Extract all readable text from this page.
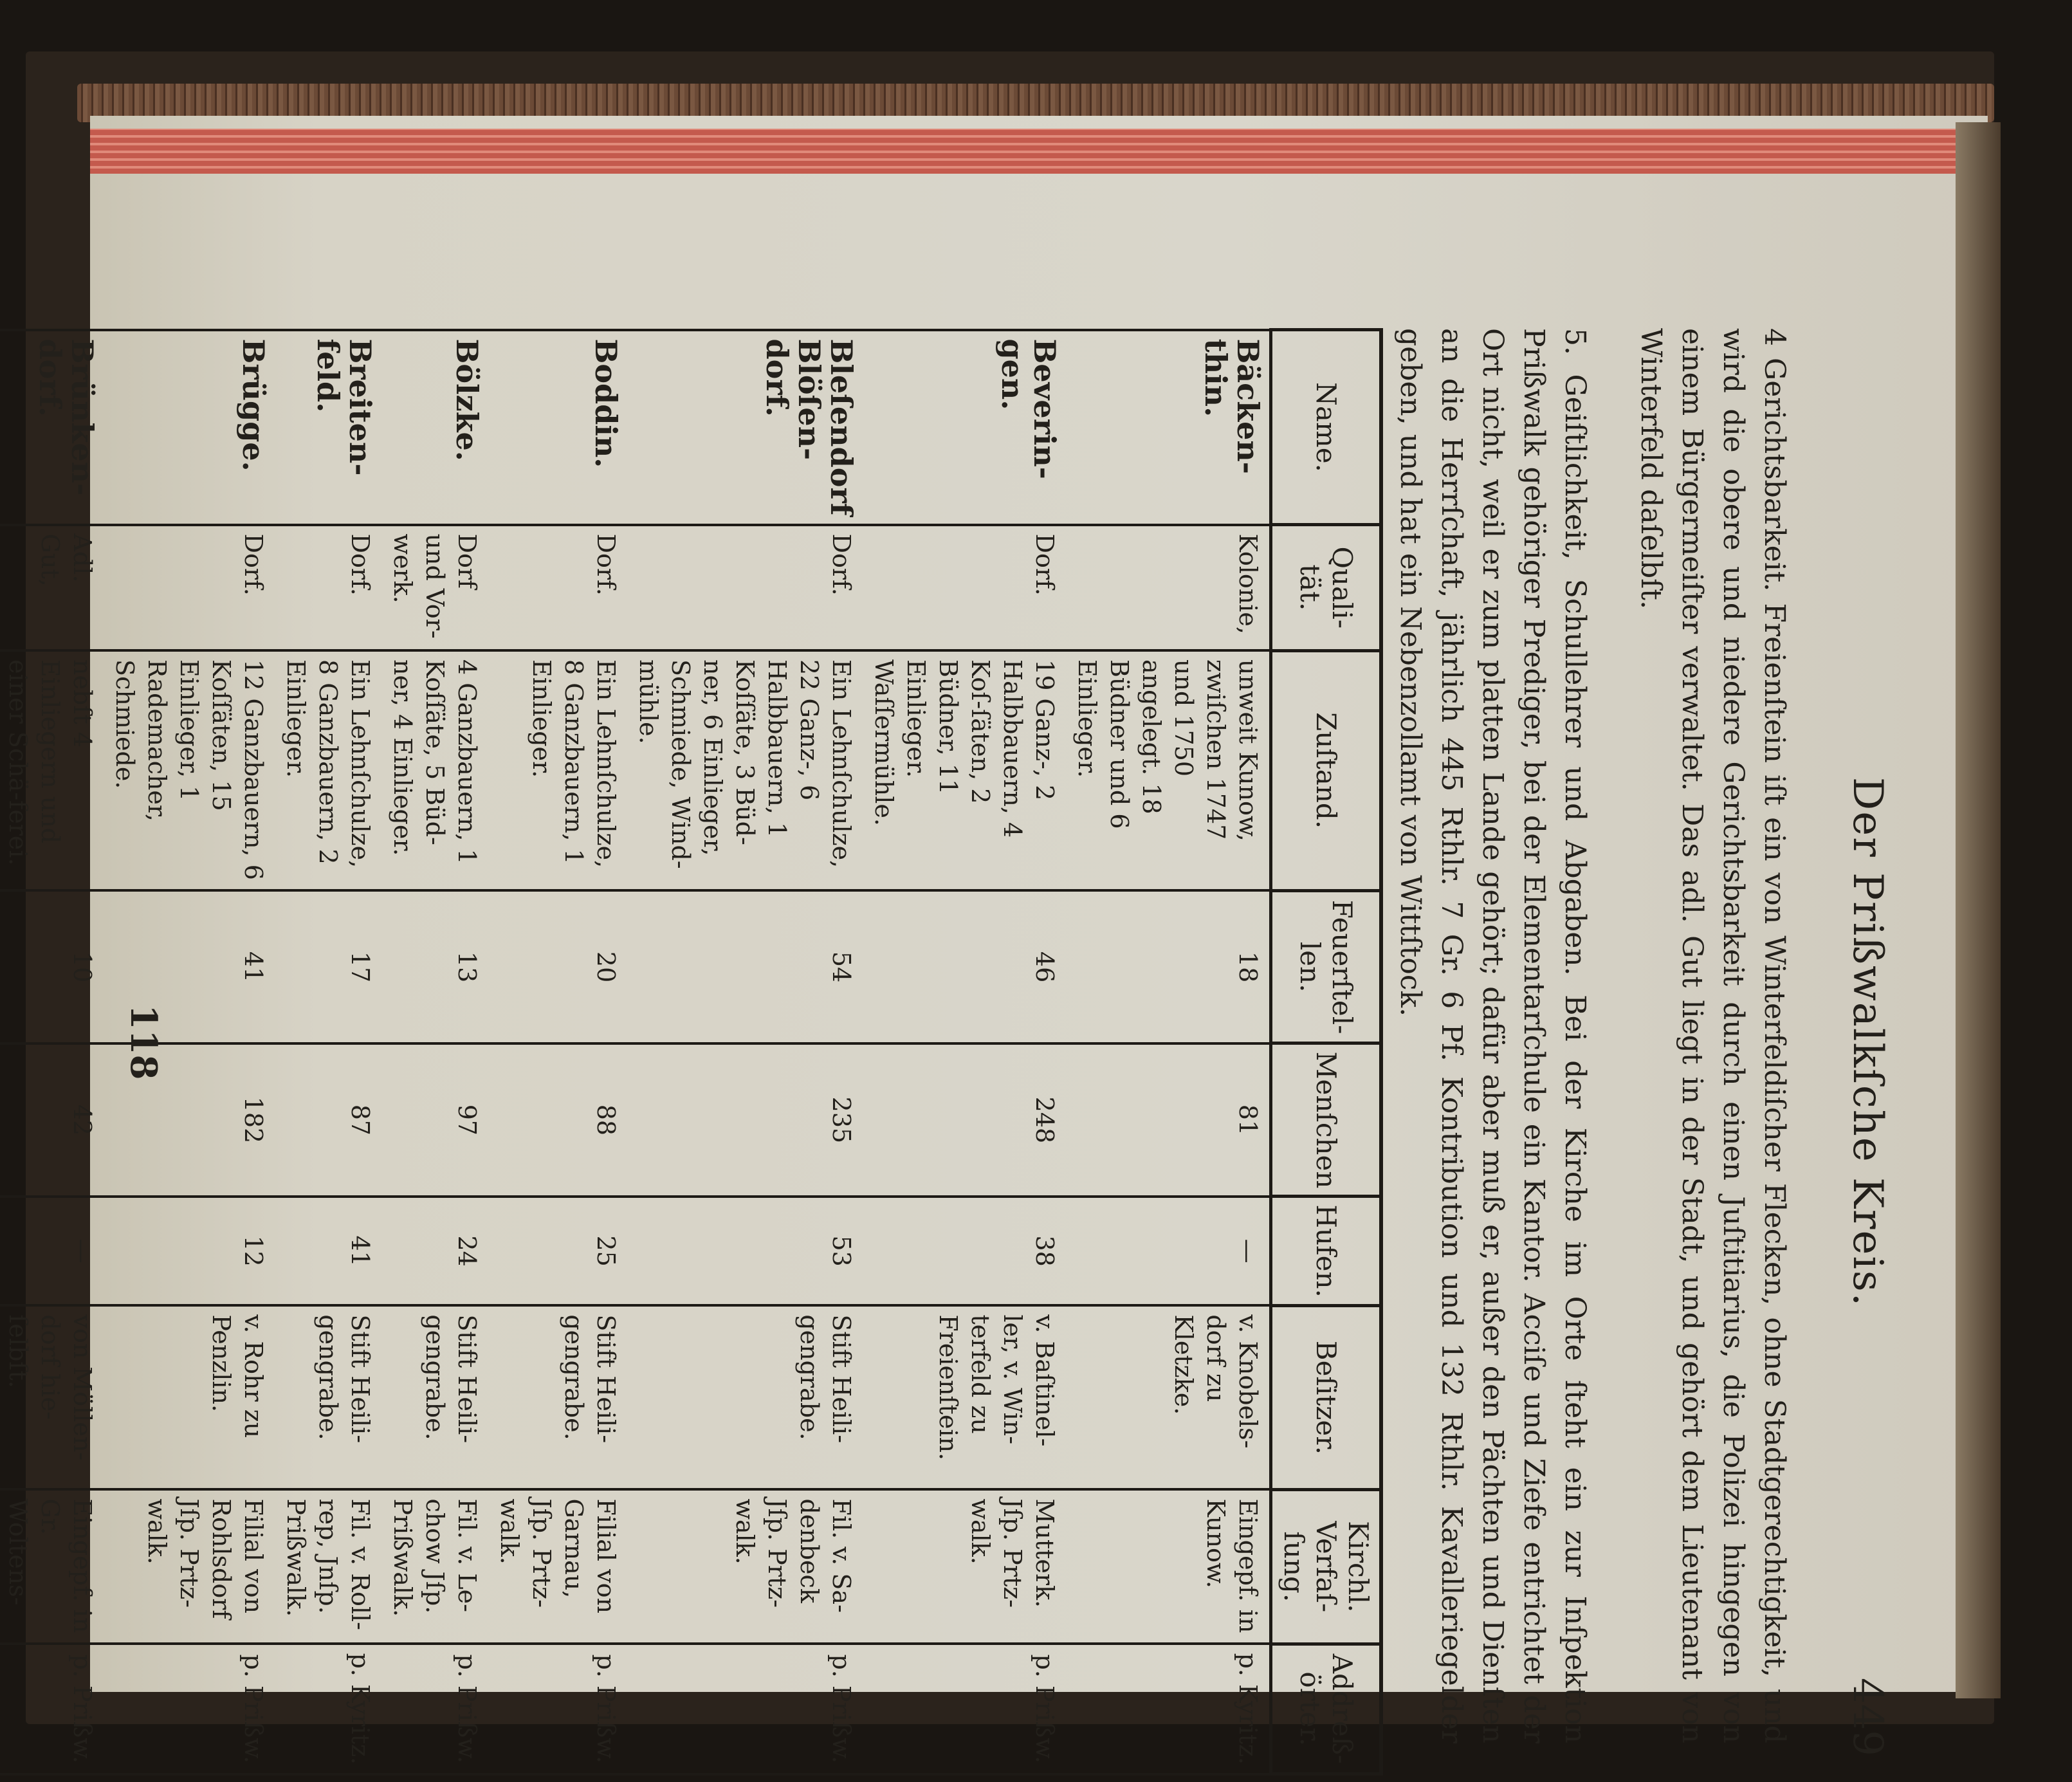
Der Prißwalkſche Kreis.
449
4 Gerichtsbarkeit. Freienſtein iſt ein von Winterfeldiſcher Flecken, ohne Stadtgerechtigkeit, und wird die obere und niedere Gerichtsbarkeit durch einen Juſtitiarius, die Polizei hingegen von einem Bürgermeiſter verwaltet. Das adl. Gut liegt in der Stadt, und gehört dem Lieutenant von Winterfeld daſelbſt.
5. Geiſtlichkeit, Schullehrer und Abgaben. Bei der Kirche im Orte ſteht ein zur Inſpektion Prißwalk gehöriger Prediger, bei der Elementarſchule ein Kantor. Acciſe und Ziefe entrichtet der Ort nicht, weil er zum platten Lande gehört; dafür aber muß er, außer den Pächten und Dienſten an die Herrſchaft, jährlich 445 Rthlr. 7 Gr. 6 Pf. Kontribution und 132 Rthlr. Kavalleriegelder geben, und hat ein Nebenzollamt von Wittſtock.
Name.	Quali-tät.	Zuſtand.	Feuerſtel-len.	Menſchen	Hufen.	Beſitzer.	Kirchl. Verfaſ-ſung.	Addreß-örter.
Bäcken-thin.	Kolonie,	unweit Kunow, zwiſchen 1747 und 1750 angelegt. 18 Büdner und 6 Einlieger.	18	81	—	v. Knobels-dorf zu Kletzke.	Eingepf. in Kunow.	p. Kyritz.
Beverin-gen.	Dorf.	19 Ganz-, 2 Halbbauern, 4 Koſ-ſäten, 2 Büdner, 11 Einlieger. Waſſermühle.	46	248	38	v. Baſtinel-ler, v. Win-terfeld zu Freienſtein.	Mutterk. Jſp. Prtz-walk.	p. Prißw.
Bleſendorf Blöſen-dorf.	Dorf.	Ein Lehnſchulze, 22 Ganz-, 6 Halbbauern, 1 Koſſäte, 3 Büd-ner, 6 Einlieger, Schmiede, Wind-mühle.	54	235	53	Stift Heili-gengrabe.	Fil. v. Sa-denbeck Jſp. Prtz-walk.	p. Prißw.
Boddin.	Dorf.	Ein Lehnſchulze, 8 Ganzbauern, 1 Einlieger.	20	88	25	Stift Heili-gengrabe.	Filial von Garnau, Jſp. Prtz-walk.	p. Prißw.
Bölzke.	Dorf und Vor-werk.	4 Ganzbauern, 1 Koſſäte, 5 Büd-ner, 4 Einlieger.	13	97	24	Stift Heili-gengrabe.	Fil. v. Le-chow Jſp. Prißwalk.	p. Prißw.
Breiten-feld.	Dorf.	Ein Lehnſchulze, 8 Ganzbauern, 2 Einlieger.	17	87	41	Stift Heili-gengrabe.	Fil. v. Roll-rep, Jnſp. Prißwalk.	p. Kyritz.
Brügge.	Dorf.	12 Ganzbauern, 6 Koſſäten, 15 Einlieger, 1 Rademacher, Schmiede.	41	182	12	v. Rohr zu Penzlin.	Filial von Rohlsdorf Jſp. Prtz-walk.	p. Prißw.
Brünken-dorf.	Adl. Gut,	nebſt 4 Einliegern und einer Schä-ferei.	10	42	—	von Möllen-dorf hie-ſelbſt.	Eingepf. in Gr. Woltens-	p. Prißw.

118
